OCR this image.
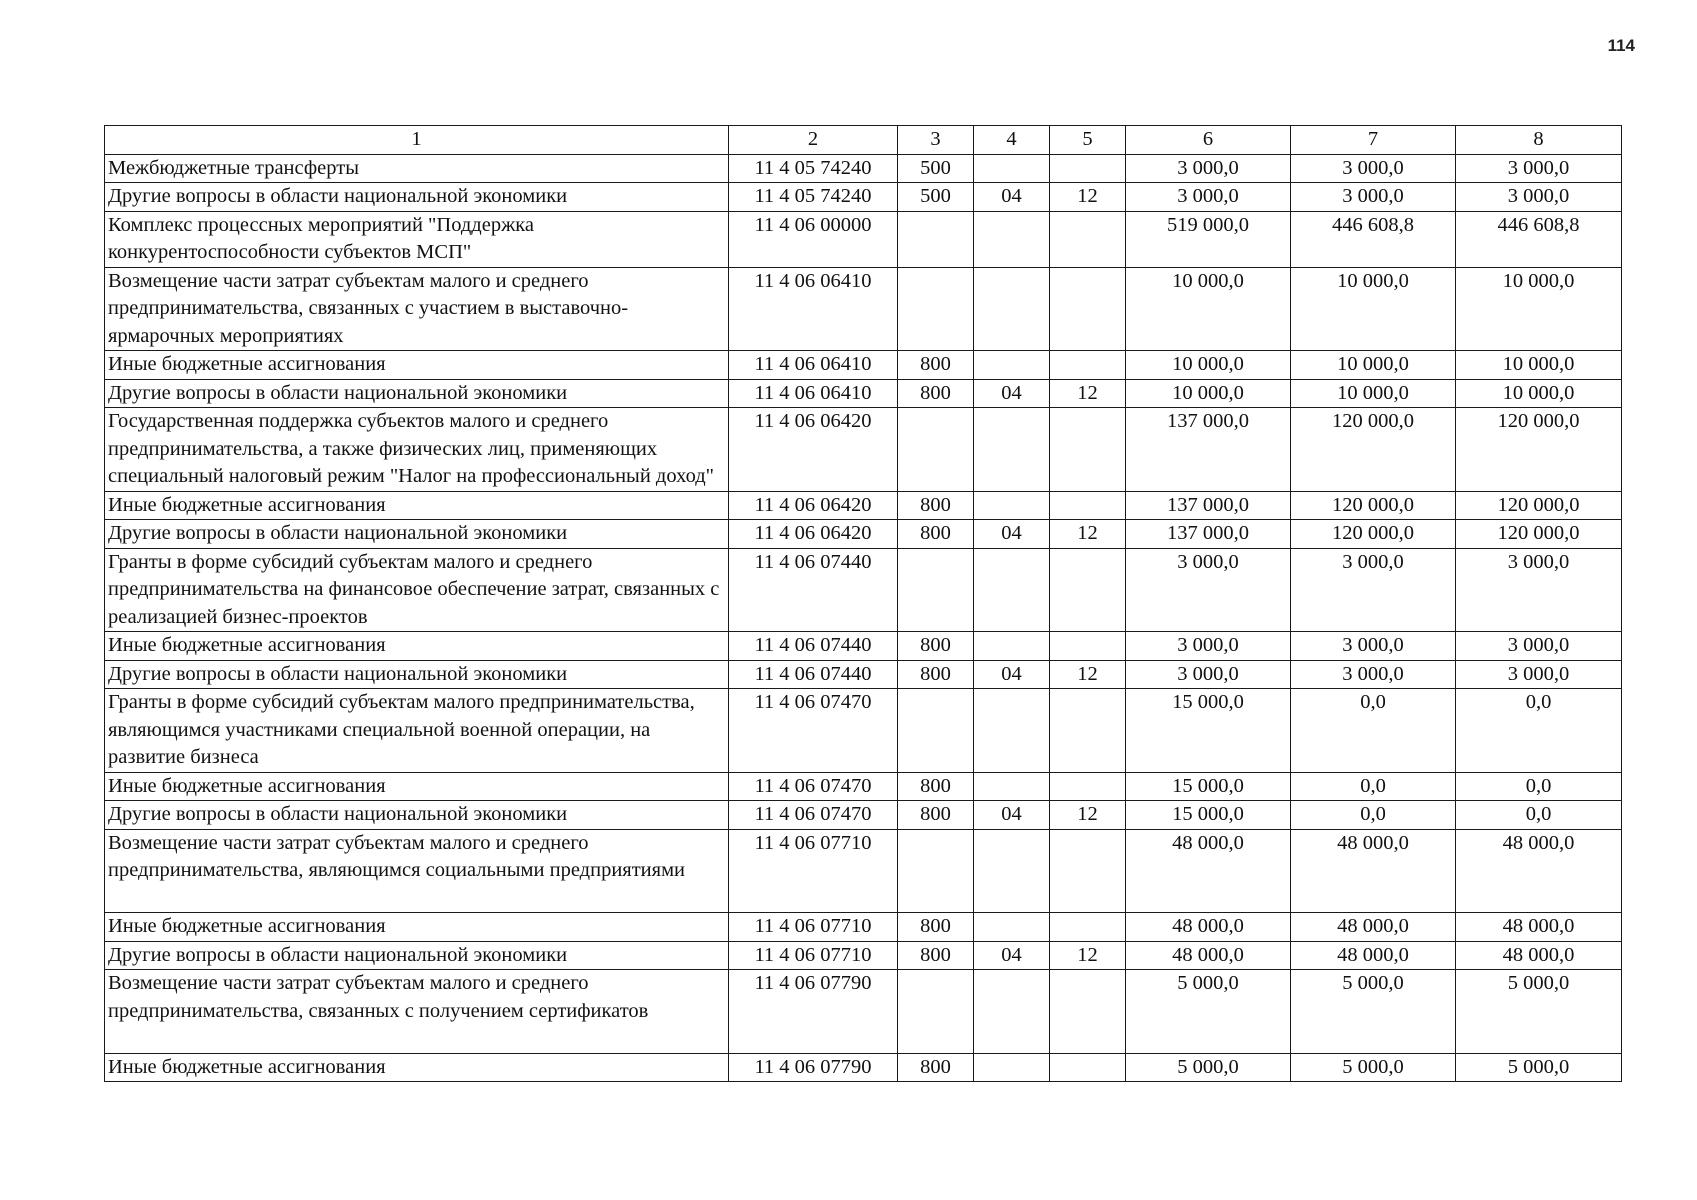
114
1	2	3	4	5	6	7	8
Межбюджетные трансферты	11 4 05 74240	500			3 000,0	3 000,0	3 000,0
Другие вопросы в области национальной экономики	11 4 05 74240	500	04	12	3 000,0	3 000,0	3 000,0
Комплекс процессных мероприятий "Поддержка конкурентоспособности субъектов МСП"	11 4 06 00000				519 000,0	446 608,8	446 608,8
Возмещение части затрат субъектам малого и среднего предпринимательства, связанных с участием в выставочно-ярмарочных мероприятиях	11 4 06 06410				10 000,0	10 000,0	10 000,0
Иные бюджетные ассигнования	11 4 06 06410	800			10 000,0	10 000,0	10 000,0
Другие вопросы в области национальной экономики	11 4 06 06410	800	04	12	10 000,0	10 000,0	10 000,0
Государственная поддержка субъектов малого и среднего предпринимательства, а также физических лиц, применяющих специальный налоговый режим "Налог на профессиональный доход"	11 4 06 06420				137 000,0	120 000,0	120 000,0
Иные бюджетные ассигнования	11 4 06 06420	800			137 000,0	120 000,0	120 000,0
Другие вопросы в области национальной экономики	11 4 06 06420	800	04	12	137 000,0	120 000,0	120 000,0
Гранты в форме субсидий субъектам малого и среднего предпринимательства на финансовое обеспечение затрат, связанных с реализацией бизнес-проектов	11 4 06 07440				3 000,0	3 000,0	3 000,0
Иные бюджетные ассигнования	11 4 06 07440	800			3 000,0	3 000,0	3 000,0
Другие вопросы в области национальной экономики	11 4 06 07440	800	04	12	3 000,0	3 000,0	3 000,0
Гранты в форме субсидий субъектам малого предпринимательства, являющимся участниками специальной военной операции, на развитие бизнеса	11 4 06 07470				15 000,0	0,0	0,0
Иные бюджетные ассигнования	11 4 06 07470	800			15 000,0	0,0	0,0
Другие вопросы в области национальной экономики	11 4 06 07470	800	04	12	15 000,0	0,0	0,0
Возмещение части затрат субъектам малого и среднего предпринимательства, являющимся социальными предприятиями	11 4 06 07710				48 000,0	48 000,0	48 000,0
Иные бюджетные ассигнования	11 4 06 07710	800			48 000,0	48 000,0	48 000,0
Другие вопросы в области национальной экономики	11 4 06 07710	800	04	12	48 000,0	48 000,0	48 000,0
Возмещение части затрат субъектам малого и среднего предпринимательства, связанных с получением сертификатов	11 4 06 07790				5 000,0	5 000,0	5 000,0
Иные бюджетные ассигнования	11 4 06 07790	800			5 000,0	5 000,0	5 000,0
